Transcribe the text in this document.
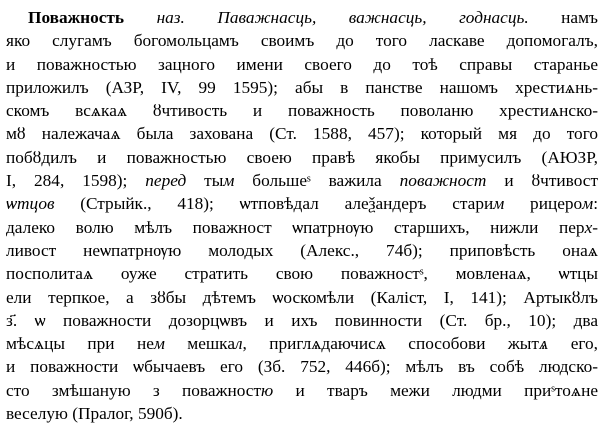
Поважность наз. Паважнасць, важнасць, годнасць. намъ
яко слугамъ богомольцамъ своимъ до того ласкаве допомогалъ,
и поважностью зацного имени своего до тоѣ справы старанье
приложилъ (АЗР, IV, 99 1595); абы в панстве нашомъ хрестиѧнь-
скомъ всѧкаѧ ȣчтивость и поважность поволаню хрестиѧнско-
мȣ належачаѧ была захована (Ст. 1588, 457); который мя до того
побȣдилъ и поважностью своею правѣ якобы примусилъ (АЮЗР,
I, 284, 1598); перед тым большеˢ важила поважност и ȣчтивост
ѡтцов (Стрыйк., 418); ѡтповѣдал алеѯандеръ старим рицером:
далеко волю мѣлъ поважност ѡпатрнѹю старшихъ, нижли перх-
ливост неѡпатрнѹю молодых (Алекс., 74б); приповѣсть онаѧ
посполитаѧ оуже стратить свою поважностˢ, мовленаѧ, ѡтцы
ели терпкое, а зȣбы дѣтемъ ѡоскомѣли (Калiст, I, 141); Артыкȣлъ
з҃. ѡ поважности дозорцѡвъ и ихъ повинности (Ст. бр., 10); два
мѣсѧцы при нем мешкал, приглѧдаючисѧ способови жытѧ его,
и поважности ѡбычаевъ его (Зб. 752, 446б); мѣлъ въ собѣ людско-
сто змѣшаную з поважностю и тваръ межи людми приˢтоѧне
веселую (Пралог, 590б).
